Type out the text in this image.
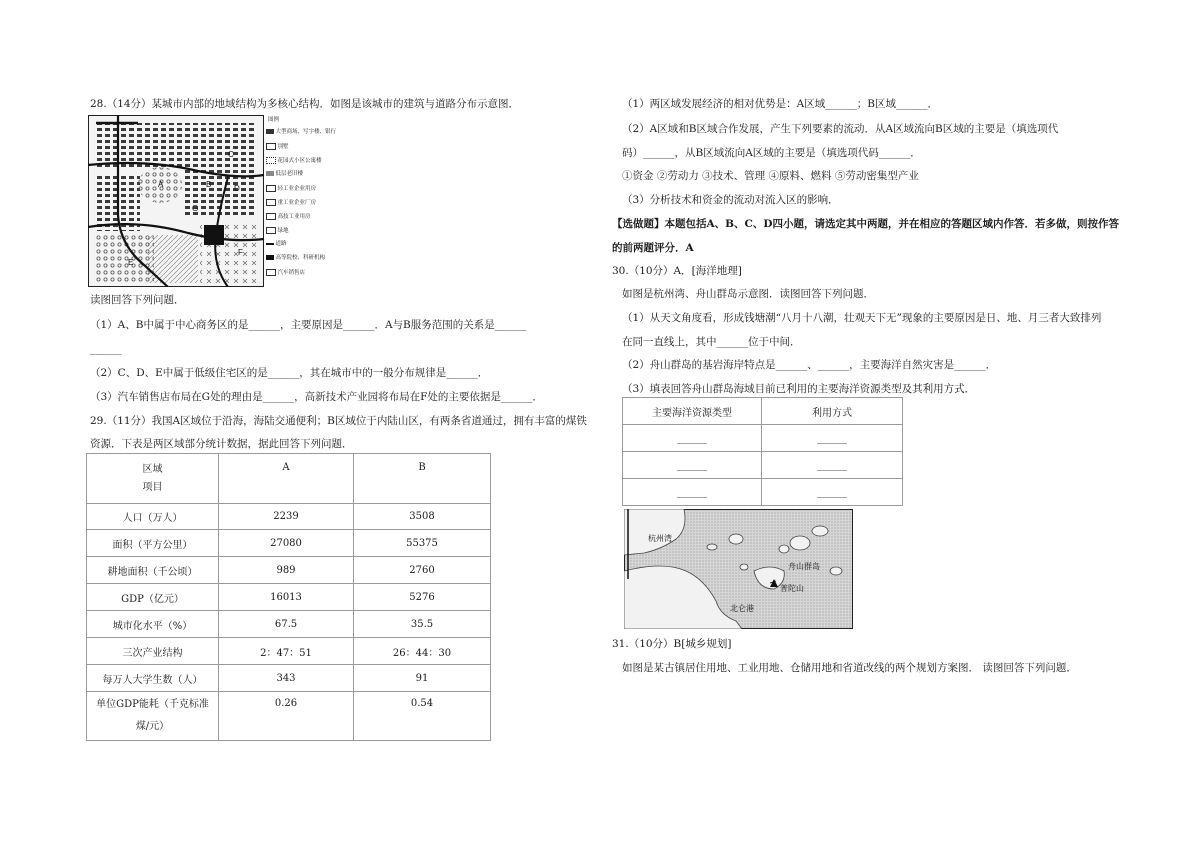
28.（14分）某城市内部的地域结构为多核心结构．如图是该城市的建筑与道路分布示意图．
A	B
C
D
E
F
G
图例
大型商场、写字楼、银行
别墅
花园式小区公寓楼
低层老旧楼
轻工业企业用房
重工业企业厂房
高技工业用房
绿地
道路
高等院校、科研机构
汽车销售店
读图回答下列问题．
（1）A、B中属于中心商务区的是______，主要原因是______．A与B服务范围的关系是______
______
（2）C、D、E中属于低级住宅区的是______，其在城市中的一般分布规律是______．
（3）汽车销售店布局在G处的理由是______，高新技术产业园将布局在F处的主要依据是______．
29.（11分）我国A区域位于沿海，海陆交通便利；B区域位于内陆山区，有两条省道通过，拥有丰富的煤铁
资源．下表是两区域部分统计数据，据此回答下列问题．
区域
项目	A	B
人口（万人）	2239	3508
面积（平方公里）	27080	55375
耕地面积（千公顷）	989	2760
GDP（亿元）	16013	5276
城市化水平（%）	67.5	35.5
三次产业结构	2：47：51	26：44：30
每万人大学生数（人）	343	91

单位GDP能耗（千克标准
煤/元）	0.26	0.54
（1）两区域发展经济的相对优势是：A区域______；B区域______．
（2）A区域和B区域合作发展，产生下列要素的流动．从A区域流向B区域的主要是（填选项代
码）______，从B区域流向A区域的主要是（填选项代码______．
①资金 ②劳动力 ③技术、管理 ④原料、燃料 ⑤劳动密集型产业
（3）分析技术和资金的流动对流入区的影响．
【选做题】本题包括A、B、C、D四小题，请选定其中两题，并在相应的答题区域内作答．若多做，则按作答
的前两题评分．A
30.（10分）A．[海洋地理]
如图是杭州湾、舟山群岛示意图．读图回答下列问题．
（1）从天文角度看，形成钱塘潮“八月十八潮，壮观天下无”现象的主要原因是日、地、月三者大致排列
在同一直线上，其中______位于中间．
（2）舟山群岛的基岩海岸特点是______、______，主要海洋自然灾害是______．
（3）填表回答舟山群岛海域目前已利用的主要海洋资源类型及其利用方式．
主要海洋资源类型	利用方式
______	______
______	______
______	______
杭州湾
舟山群岛
普陀山
北仑港
31.（10分）B[城乡规划]
如图是某古镇居住用地、工业用地、仓储用地和省道改线的两个规划方案图． 读图回答下列问题．
